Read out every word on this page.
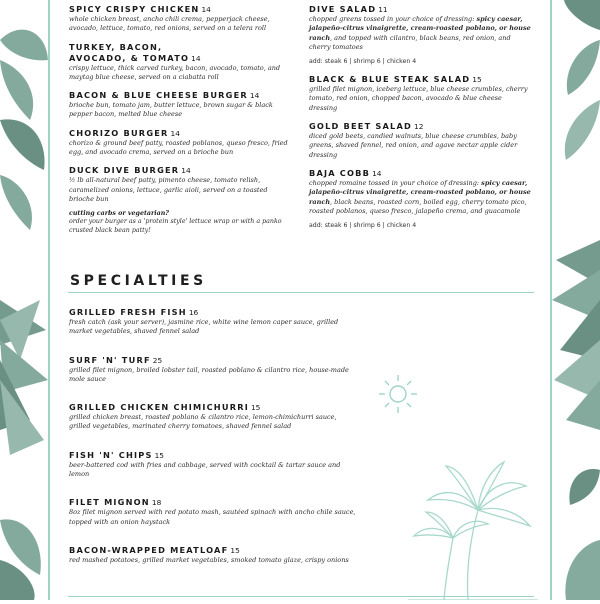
SPICY CRISPY CHICKEN 14
whole chicken breast, ancho chili crema, pepperjack cheese, avocado, lettuce, tomato, red onions, served on a telera roll
TURKEY, BACON,
AVOCADO, & TOMATO 14
crispy lettuce, thick carved turkey, bacon, avocado, tomato, and maytag blue cheese, served on a ciabatta roll
BACON & BLUE CHEESE BURGER 14
brioche bun, tomato jam, butter lettuce, brown sugar & black pepper bacon, melted blue cheese
CHORIZO BURGER 14
chorizo & ground beef patty, roasted poblanos, queso fresco, fried egg, and avocado crema, served on a brioche bun
DUCK DIVE BURGER 14
½ lb all-natural beef patty, pimento cheese, tomato relish, caramelized onions, lettuce, garlic aioli, served on a toasted brioche bun
cutting carbs or vegetarian?
order your burger as a 'protein style' lettuce wrap or with a panko crusted black bean patty!
DIVE SALAD 11
chopped greens tossed in your choice of dressing: spicy caesar, jalapeño-citrus vinaigrette, cream-roasted poblano, or house ranch, and topped with cilantro, black beans, red onion, and cherry tomatoes
add: steak 6 | shrimp 6 | chicken 4
BLACK & BLUE STEAK SALAD 15
grilled filet mignon, iceberg lettuce, blue cheese crumbles, cherry tomato, red onion, chopped bacon, avocado & blue cheese dressing
GOLD BEET SALAD 12
diced gold beets, candied walnuts, blue cheese crumbles, baby greens, shaved fennel, red onion, and agave nectar apple cider dressing
BAJA COBB 14
chopped romaine tossed in your choice of dressing: spicy caesar, jalapeño-citrus vinaigrette, cream-roasted poblano, or house ranch, black beans, roasted corn, boiled egg, cherry tomato pico, roasted poblanos, queso fresco, jalapeño crema, and guacamole
add: steak 6 | shrimp 6 | chicken 4
SPECIALTIES
GRILLED FRESH FISH 16
fresh catch (ask your server), jasmine rice, white wine lemon caper sauce, grilled market vegetables, shaved fennel salad
SURF 'N' TURF 25
grilled filet mignon, broiled lobster tail, roasted poblano & cilantro rice, house-made mole sauce
GRILLED CHICKEN CHIMICHURRI 15
grilled chicken breast, roasted poblano & cilantro rice, lemon-chimichurri sauce, grilled vegetables, marinated cherry tomatoes, shaved fennel salad
FISH 'N' CHIPS 15
beer-battered cod with fries and cabbage, served with cocktail & tartar sauce and lemon
FILET MIGNON 18
8oz filet mignon served with red potato mash, sautéed spinach with ancho chile sauce, topped with an onion haystack
BACON-WRAPPED MEATLOAF 15
red mashed potatoes, grilled market vegetables, smoked tomato glaze, crispy onions
